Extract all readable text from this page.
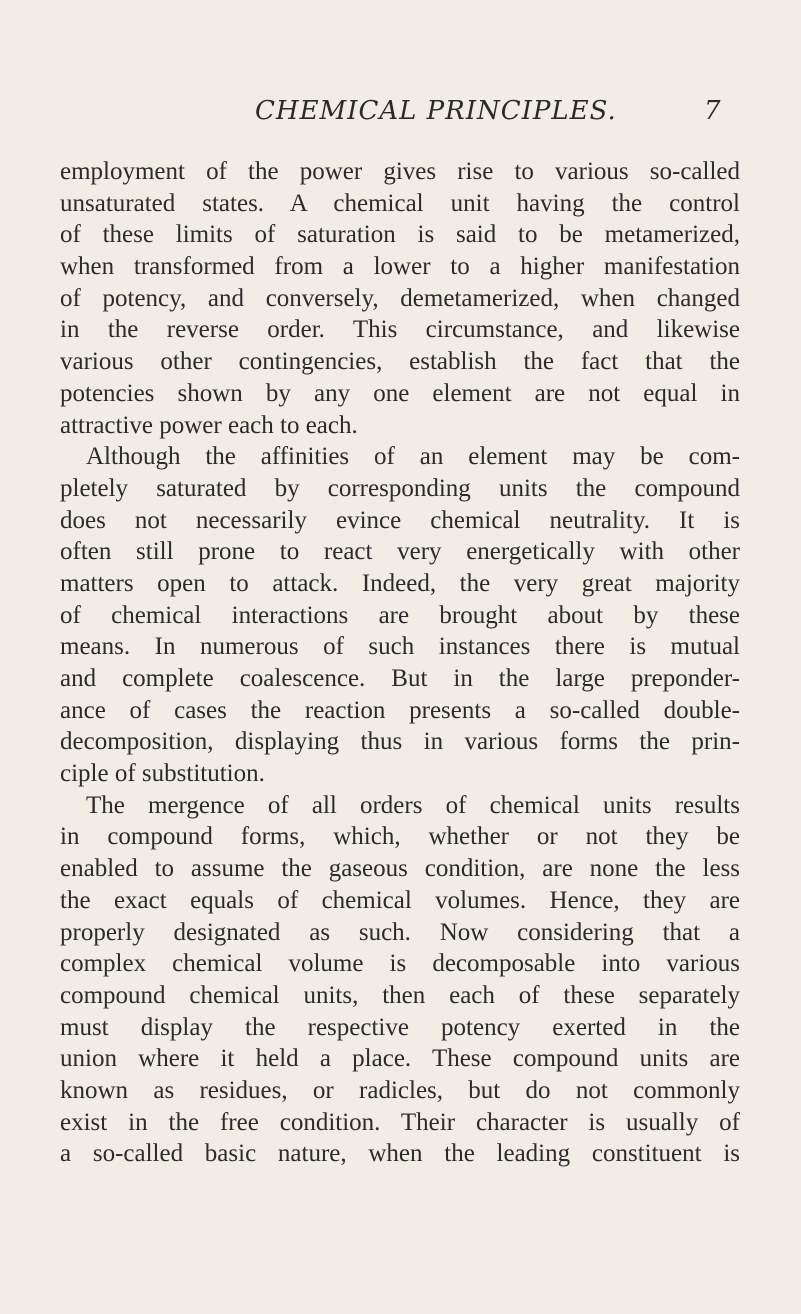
CHEMICAL PRINCIPLES.	7
employment of the power gives rise to various so-called
unsaturated states. A chemical unit having the control
of these limits of saturation is said to be metamerized,
when transformed from a lower to a higher manifestation
of potency, and conversely, demetamerized, when changed
in the reverse order. This circumstance, and likewise
various other contingencies, establish the fact that the
potencies shown by any one element are not equal in
attractive power each to each.
Although the affinities of an element may be com-
pletely saturated by corresponding units the compound
does not necessarily evince chemical neutrality. It is
often still prone to react very energetically with other
matters open to attack. Indeed, the very great majority
of chemical interactions are brought about by these
means. In numerous of such instances there is mutual
and complete coalescence. But in the large preponder-
ance of cases the reaction presents a so-called double-
decomposition, displaying thus in various forms the prin-
ciple of substitution.
The mergence of all orders of chemical units results
in compound forms, which, whether or not they be
enabled to assume the gaseous condition, are none the less
the exact equals of chemical volumes. Hence, they are
properly designated as such. Now considering that a
complex chemical volume is decomposable into various
compound chemical units, then each of these separately
must display the respective potency exerted in the
union where it held a place. These compound units are
known as residues, or radicles, but do not commonly
exist in the free condition. Their character is usually of
a so-called basic nature, when the leading constituent is
